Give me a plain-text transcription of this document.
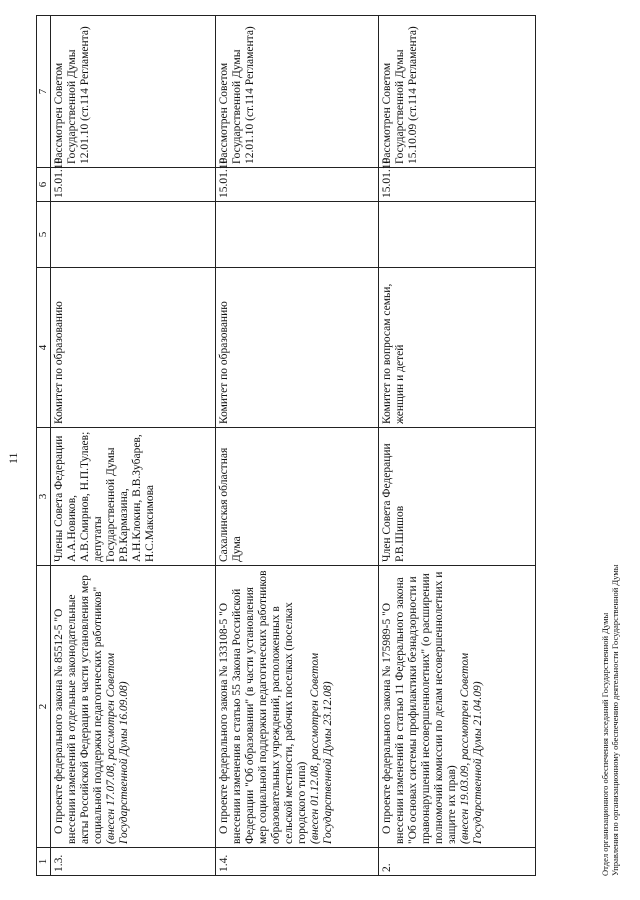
11
1	2	3	4	5	6	7
1.3.	О проекте федерального закона № 85512-5 "О внесении изменений в отдельные законодательные акты Российской Федерации в части установления мер социальной поддержки педагогических работников" (внесен 17.07.08, рассмотрен Советом Государственной Думы 16.09.08)	Члены Совета Федерации А.А.Новиков, А.В.Смирнов, Н.П.Тулаев; депутаты Государственной Думы Р.В.Кармазина, А.Н.Клокин, В.В.Зубарев, Н.С.Максимова	Комитет по образованию		15.01.10	Рассмотрен Советом Государственной Думы 12.01.10 (ст.114 Регламента)
1.4.	О проекте федерального закона № 133108-5 "О внесении изменения в статью 55 Закона Российской Федерации "Об образовании" (в части установления мер социальной поддержки педагогических работников образовательных учреждений, расположенных в сельской местности, рабочих поселках (поселках городского типа) (внесен 01.12.08, рассмотрен Советом Государственной Думы 23.12.08)	Сахалинская областная Дума	Комитет по образованию		15.01.10	Рассмотрен Советом Государственной Думы 12.01.10 (ст.114 Регламента)
2.	О проекте федерального закона № 175989-5 "О внесении изменений в статью 11 Федерального закона "Об основах системы профилактики безнадзорности и правонарушений несовершеннолетних" (о расширении полномочий комиссии по делам несовершеннолетних и защите их прав) (внесен 19.03.09, рассмотрен Советом Государственной Думы 21.04.09)	Член Совета Федерации Р.В.Шишов	Комитет по вопросам семьи, женщин и детей		15.01.10	Рассмотрен Советом Государственной Думы 15.10.09 (ст.114 Регламента)
Отдел организационного обеспечения заседаний Государственной Думы Управления по организационному обеспечению деятельности Государственной Думы
